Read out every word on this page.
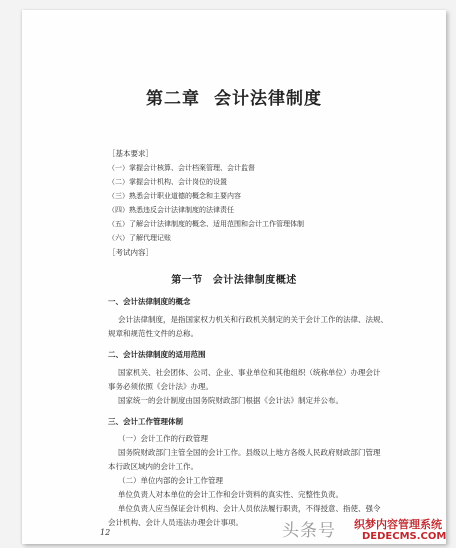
第二章 会计法律制度
［基本要求］
（一）掌握会计核算、会计档案管理、会计监督
（二）掌握会计机构、会计岗位的设置
（三）熟悉会计职业道德的概念和主要内容
（四）熟悉违反会计法律制度的法律责任
（五）了解会计法律制度的概念、适用范围和会计工作管理体制
（六）了解代理记账
［考试内容］
第一节 会计法律制度概述
一、会计法律制度的概念
会计法律制度，是指国家权力机关和行政机关制定的关于会计工作的法律、法规、
规章和规范性文件的总称。
二、会计法律制度的适用范围
国家机关、社会团体、公司、企业、事业单位和其他组织（统称单位）办理会计
事务必须依照《会计法》办理。
国家统一的会计制度由国务院财政部门根据《会计法》制定并公布。
三、会计工作管理体制
（一）会计工作的行政管理
国务院财政部门主管全国的会计工作。县级以上地方各级人民政府财政部门管理
本行政区域内的会计工作。
（二）单位内部的会计工作管理
单位负责人对本单位的会计工作和会计资料的真实性、完整性负责。
单位负责人应当保证会计机构、会计人员依法履行职责，不得授意、指使、强令
会计机构、会计人员违法办理会计事项。
12	头条号 织梦内容管理系统
DEDECMS.COM
